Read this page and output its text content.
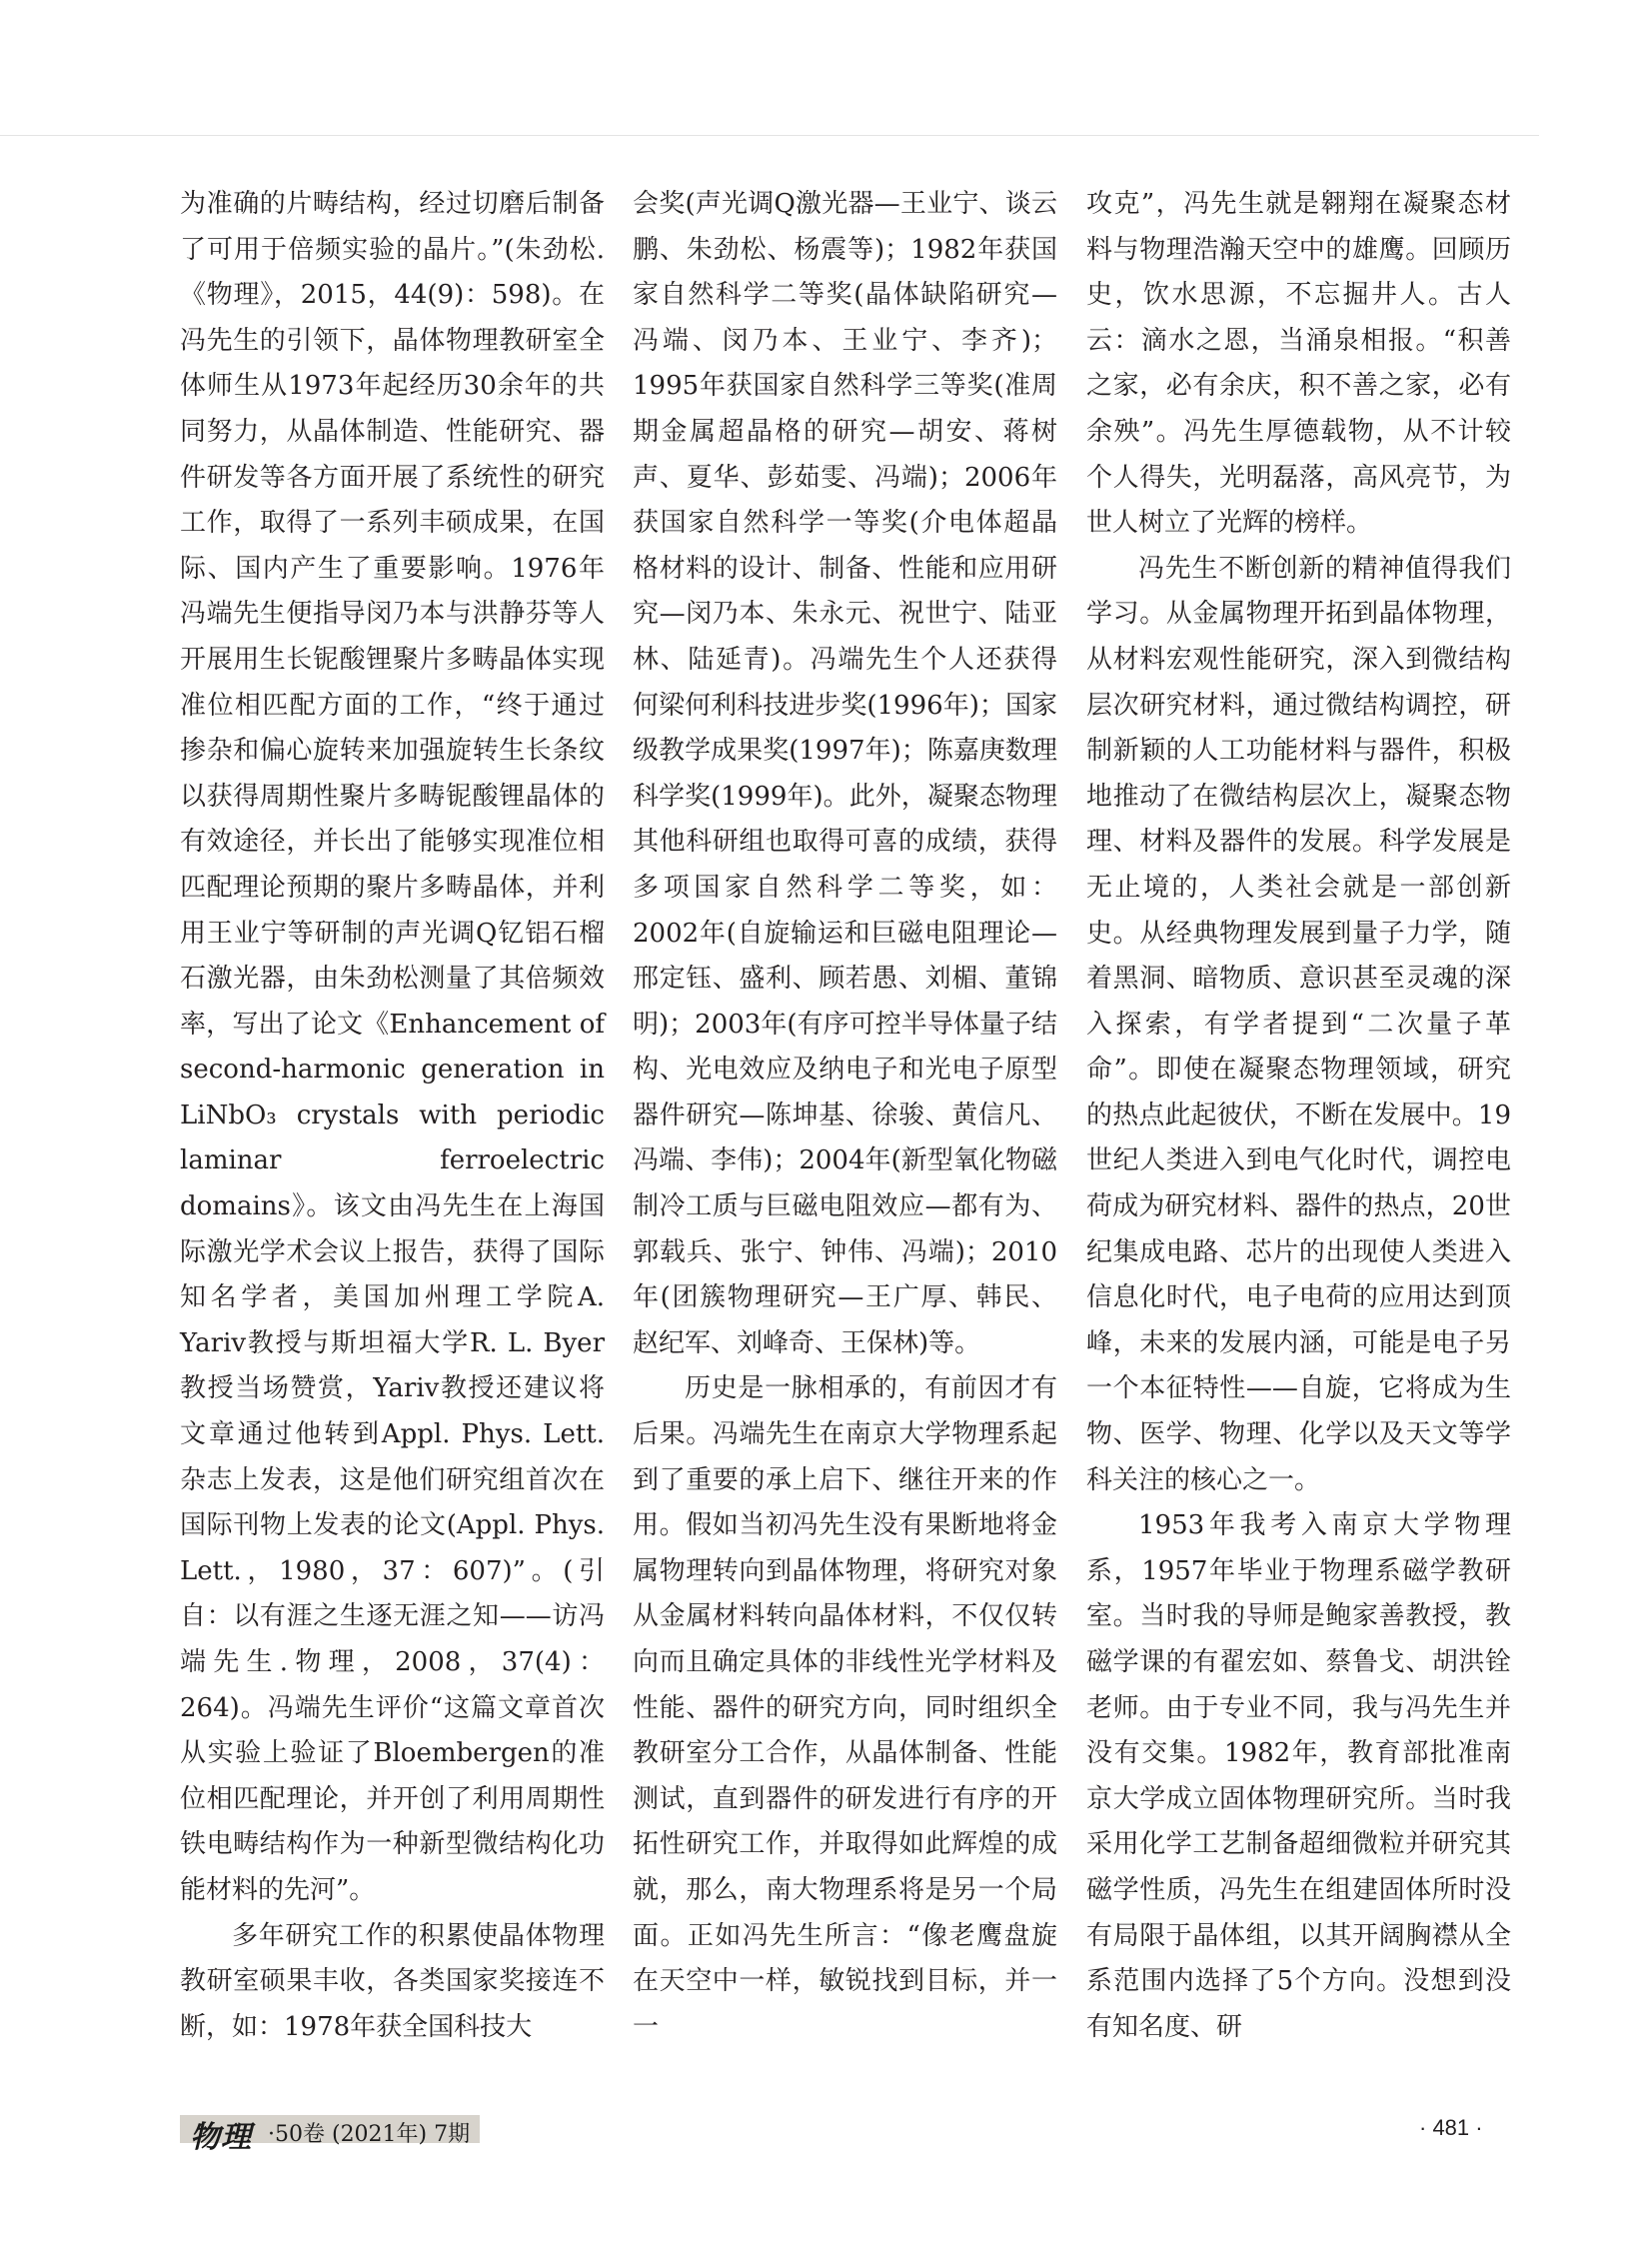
为准确的片畴结构，经过切磨后制备了可用于倍频实验的晶片。”(朱劲松.《物理》，2015，44(9)：598)。在冯先生的引领下，晶体物理教研室全体师生从1973年起经历30余年的共同努力，从晶体制造、性能研究、器件研发等各方面开展了系统性的研究工作，取得了一系列丰硕成果，在国际、国内产生了重要影响。1976年冯端先生便指导闵乃本与洪静芬等人开展用生长铌酸锂聚片多畴晶体实现准位相匹配方面的工作，“终于通过掺杂和偏心旋转来加强旋转生长条纹以获得周期性聚片多畴铌酸锂晶体的有效途径，并长出了能够实现准位相匹配理论预期的聚片多畴晶体，并利用王业宁等研制的声光调Q钇铝石榴石激光器，由朱劲松测量了其倍频效率，写出了论文《Enhancement of second-harmonic generation in LiNbO₃ crystals with periodic laminar ferroelectric domains》。该文由冯先生在上海国际激光学术会议上报告，获得了国际知名学者，美国加州理工学院A. Yariv教授与斯坦福大学R. L. Byer教授当场赞赏，Yariv教授还建议将文章通过他转到Appl. Phys. Lett.杂志上发表，这是他们研究组首次在国际刊物上发表的论文(Appl. Phys. Lett.，1980，37：607)”。(引自：以有涯之生逐无涯之知——访冯端先生.物理，2008，37(4)：264)。冯端先生评价“这篇文章首次从实验上验证了Bloembergen的准位相匹配理论，并开创了利用周期性铁电畴结构作为一种新型微结构化功能材料的先河”。

多年研究工作的积累使晶体物理教研室硕果丰收，各类国家奖接连不断，如：1978年获全国科技大

会奖(声光调Q激光器—王业宁、谈云鹏、朱劲松、杨震等)；1982年获国家自然科学二等奖(晶体缺陷研究—冯端、闵乃本、王业宁、李齐)；1995年获国家自然科学三等奖(准周期金属超晶格的研究—胡安、蒋树声、夏华、彭茹雯、冯端)；2006年获国家自然科学一等奖(介电体超晶格材料的设计、制备、性能和应用研究—闵乃本、朱永元、祝世宁、陆亚林、陆延青)。冯端先生个人还获得何梁何利科技进步奖(1996年)；国家级教学成果奖(1997年)；陈嘉庚数理科学奖(1999年)。此外，凝聚态物理其他科研组也取得可喜的成绩，获得多项国家自然科学二等奖，如：2002年(自旋输运和巨磁电阻理论—邢定钰、盛利、顾若愚、刘楣、董锦明)；2003年(有序可控半导体量子结构、光电效应及纳电子和光电子原型器件研究—陈坤基、徐骏、黄信凡、冯端、李伟)；2004年(新型氧化物磁制冷工质与巨磁电阻效应—都有为、郭载兵、张宁、钟伟、冯端)；2010年(团簇物理研究—王广厚、韩民、赵纪军、刘峰奇、王保林)等。

历史是一脉相承的，有前因才有后果。冯端先生在南京大学物理系起到了重要的承上启下、继往开来的作用。假如当初冯先生没有果断地将金属物理转向到晶体物理，将研究对象从金属材料转向晶体材料，不仅仅转向而且确定具体的非线性光学材料及性能、器件的研究方向，同时组织全教研室分工合作，从晶体制备、性能测试，直到器件的研发进行有序的开拓性研究工作，并取得如此辉煌的成就，那么，南大物理系将是另一个局面。正如冯先生所言：“像老鹰盘旋在天空中一样，敏锐找到目标，并一一

攻克”，冯先生就是翱翔在凝聚态材料与物理浩瀚天空中的雄鹰。回顾历史，饮水思源，不忘掘井人。古人云：滴水之恩，当涌泉相报。“积善之家，必有余庆，积不善之家，必有余殃”。冯先生厚德载物，从不计较个人得失，光明磊落，高风亮节，为世人树立了光辉的榜样。

冯先生不断创新的精神值得我们学习。从金属物理开拓到晶体物理，从材料宏观性能研究，深入到微结构层次研究材料，通过微结构调控，研制新颖的人工功能材料与器件，积极地推动了在微结构层次上，凝聚态物理、材料及器件的发展。科学发展是无止境的，人类社会就是一部创新史。从经典物理发展到量子力学，随着黑洞、暗物质、意识甚至灵魂的深入探索，有学者提到“二次量子革命”。即使在凝聚态物理领域，研究的热点此起彼伏，不断在发展中。19世纪人类进入到电气化时代，调控电荷成为研究材料、器件的热点，20世纪集成电路、芯片的出现使人类进入信息化时代，电子电荷的应用达到顶峰，未来的发展内涵，可能是电子另一个本征特性——自旋，它将成为生物、医学、物理、化学以及天文等学科关注的核心之一。

1953年我考入南京大学物理系，1957年毕业于物理系磁学教研室。当时我的导师是鲍家善教授，教磁学课的有翟宏如、蔡鲁戈、胡洪铨老师。由于专业不同，我与冯先生并没有交集。1982年，教育部批准南京大学成立固体物理研究所。当时我采用化学工艺制备超细微粒并研究其磁学性质，冯先生在组建固体所时没有局限于晶体组，以其开阔胸襟从全系范围内选择了5个方向。没想到没有知名度、研

物理 ·50卷 (2021年) 7期	· 481 ·
